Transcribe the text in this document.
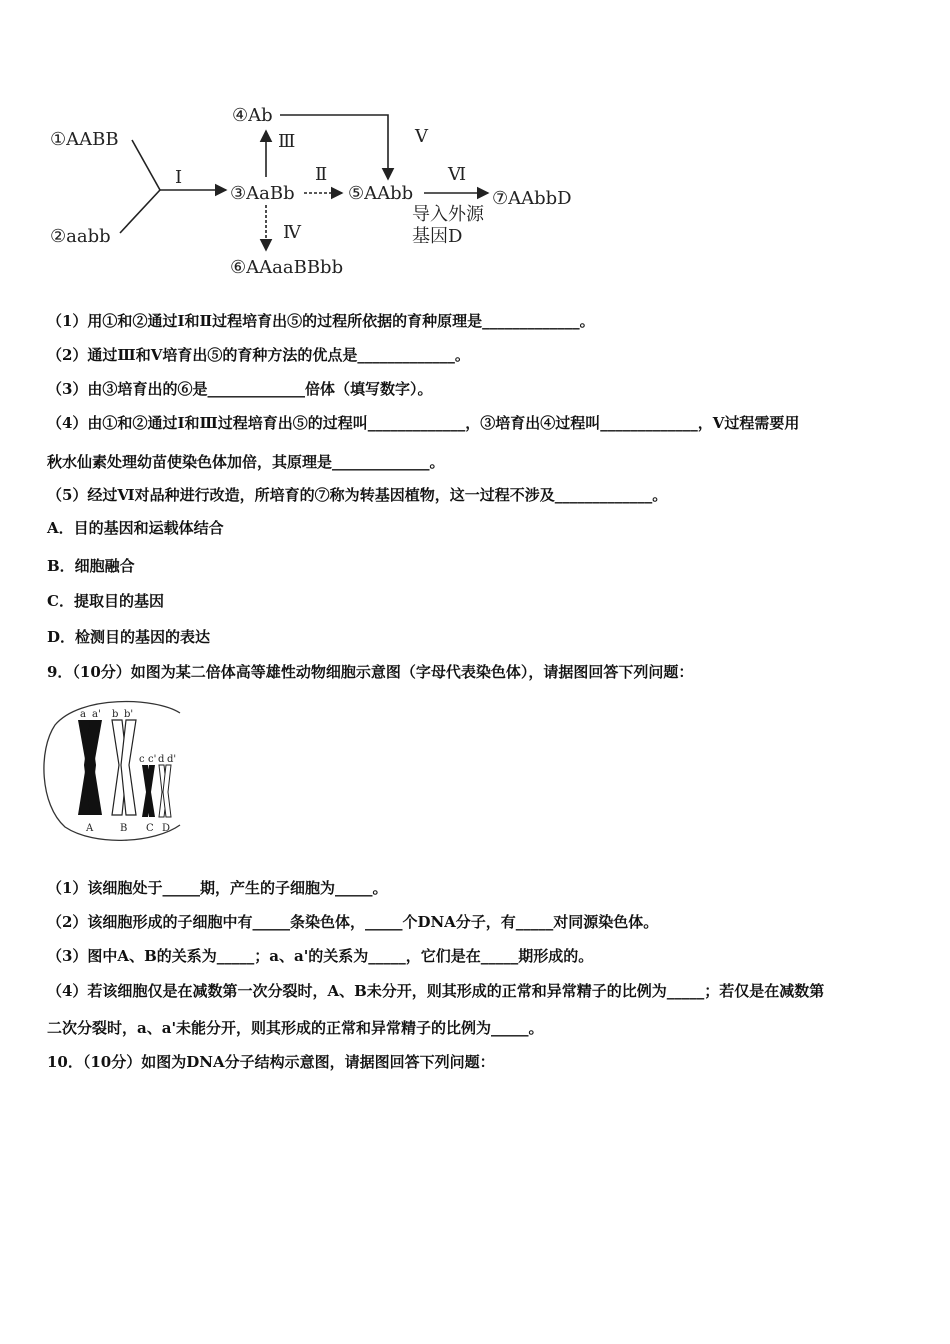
①AABB
②aabb
③AaBb
④Ab
⑤AAbb
⑥AAaaBBbb
⑦AAbbD
Ⅰ	Ⅱ
Ⅲ
Ⅳ
Ⅴ
Ⅵ
导入外源
基因D
（1）用①和②通过Ⅰ和Ⅱ过程培育出⑤的过程所依据的育种原理是_____________。
（2）通过Ⅲ和Ⅴ培育出⑤的育种方法的优点是_____________。
（3）由③培育出的⑥是_____________倍体（填写数字）。
（4）由①和②通过Ⅰ和Ⅲ过程培育出⑤的过程叫_____________，③培育出④过程叫_____________，Ⅴ过程需要用
秋水仙素处理幼苗使染色体加倍，其原理是_____________。
（5）经过Ⅵ对品种进行改造，所培育的⑦称为转基因植物，这一过程不涉及_____________。
A．目的基因和运载体结合
B．细胞融合
C．提取目的基因
D．检测目的基因的表达
9．（10分）如图为某二倍体高等雄性动物细胞示意图（字母代表染色体），请据图回答下列问题：
a a' b b'
c c' d d'
A	B C D
（1）该细胞处于_____期，产生的子细胞为_____。
（2）该细胞形成的子细胞中有_____条染色体，_____个DNA分子，有_____对同源染色体。
（3）图中A、B的关系为_____；a、a'的关系为_____，它们是在_____期形成的。
（4）若该细胞仅是在减数第一次分裂时，A、B未分开，则其形成的正常和异常精子的比例为_____；若仅是在减数第
二次分裂时，a、a'未能分开，则其形成的正常和异常精子的比例为_____。
10．（10分）如图为DNA分子结构示意图，请据图回答下列问题：
